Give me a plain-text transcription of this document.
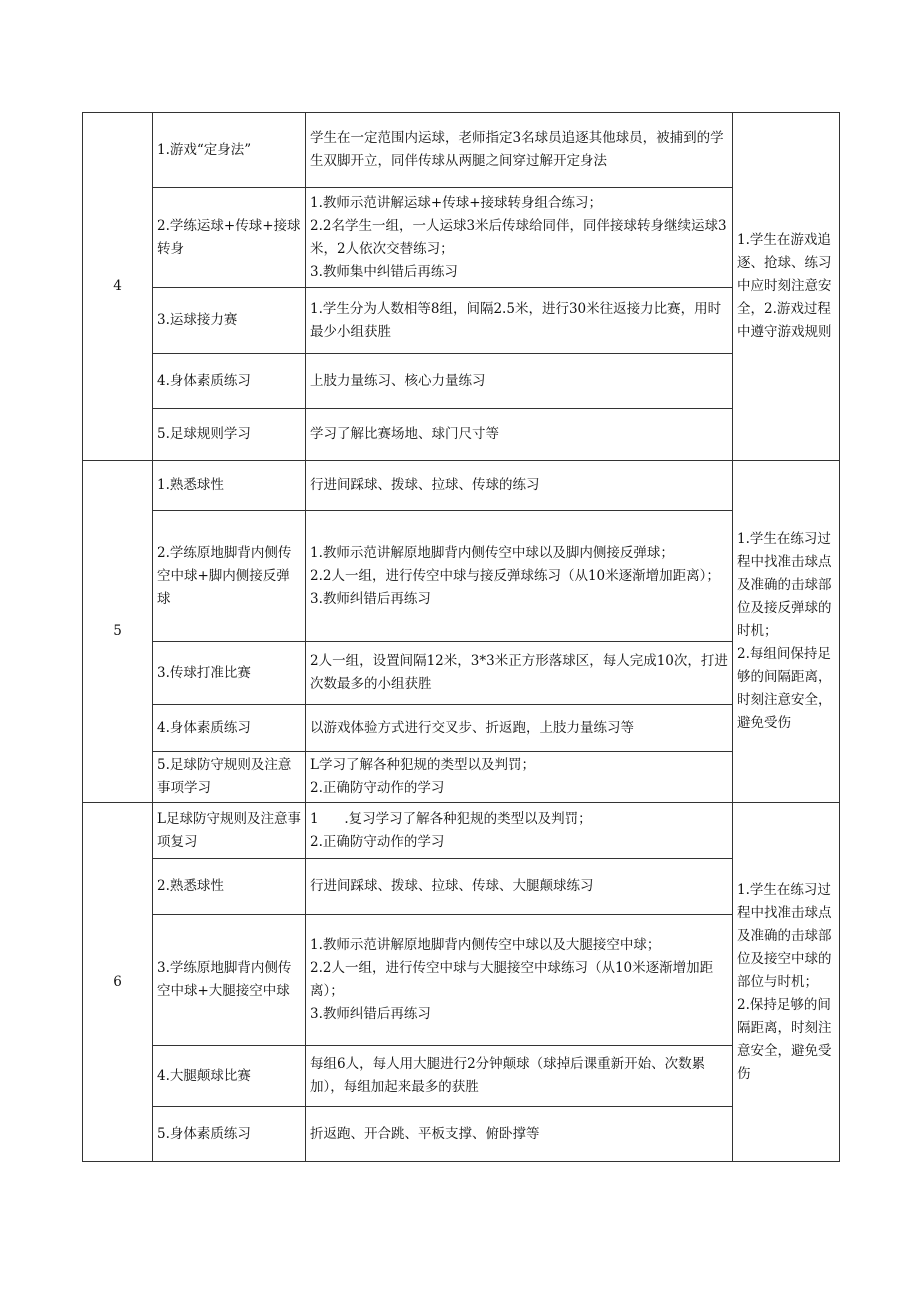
4	1.游戏“定身法”	学生在一定范围内运球，老师指定3名球员追逐其他球员，被捕到的学生双脚开立，同伴传球从两腿之间穿过解开定身法	1.学生在游戏追逐、抢球、练习中应时刻注意安全，2.游戏过程中遵守游戏规则

	2.学练运球+传球+接球转身	1.教师示范讲解运球+传球+接球转身组合练习；
2.2名学生一组，一人运球3米后传球给同伴，同伴接球转身继续运球3米，2人依次交替练习；
3.教师集中纠错后再练习	

	3.运球接力赛	1.学生分为人数相等8组，间隔2.5米，进行30米往返接力比赛，用时最少小组获胜	

	4.身体素质练习	上肢力量练习、核心力量练习	

	5.足球规则学习	学习了解比赛场地、球门尺寸等	

5	1.熟悉球性	行进间踩球、拨球、拉球、传球的练习	1.学生在练习过程中找准击球点及准确的击球部位及接反弹球的时机；
2.每组间保持足够的间隔距离，时刻注意安全，避免受伤

	2.学练原地脚背内侧传空中球+脚内侧接反弹球	1.教师示范讲解原地脚背内侧传空中球以及脚内侧接反弹球；
2.2人一组，进行传空中球与接反弹球练习（从10米逐渐增加距离）；
3.教师纠错后再练习	

	3.传球打准比赛	2人一组，设置间隔12米，3*3米正方形落球区，每人完成10次，打进次数最多的小组获胜	

	4.身体素质练习	以游戏体验方式进行交叉步、折返跑，上肢力量练习等	

	5.足球防守规则及注意事项学习	L学习了解各种犯规的类型以及判罚；
2.正确防守动作的学习	

6	L足球防守规则及注意事项复习	1      .复习学习了解各种犯规的类型以及判罚；
2.正确防守动作的学习	1.学生在练习过程中找准击球点及准确的击球部位及接空中球的部位与时机；
2.保持足够的间隔距离，时刻注意安全，避免受伤

	2.熟悉球性	行进间踩球、拨球、拉球、传球、大腿颠球练习	

	3.学练原地脚背内侧传空中球+大腿接空中球	1.教师示范讲解原地脚背内侧传空中球以及大腿接空中球；
2.2人一组，进行传空中球与大腿接空中球练习（从10米逐渐增加距离）；
3.教师纠错后再练习	

	4.大腿颠球比赛	每组6人，每人用大腿进行2分钟颠球（球掉后课重新开始、次数累加），每组加起来最多的获胜	

	5.身体素质练习	折返跑、开合跳、平板支撑、俯卧撑等	
